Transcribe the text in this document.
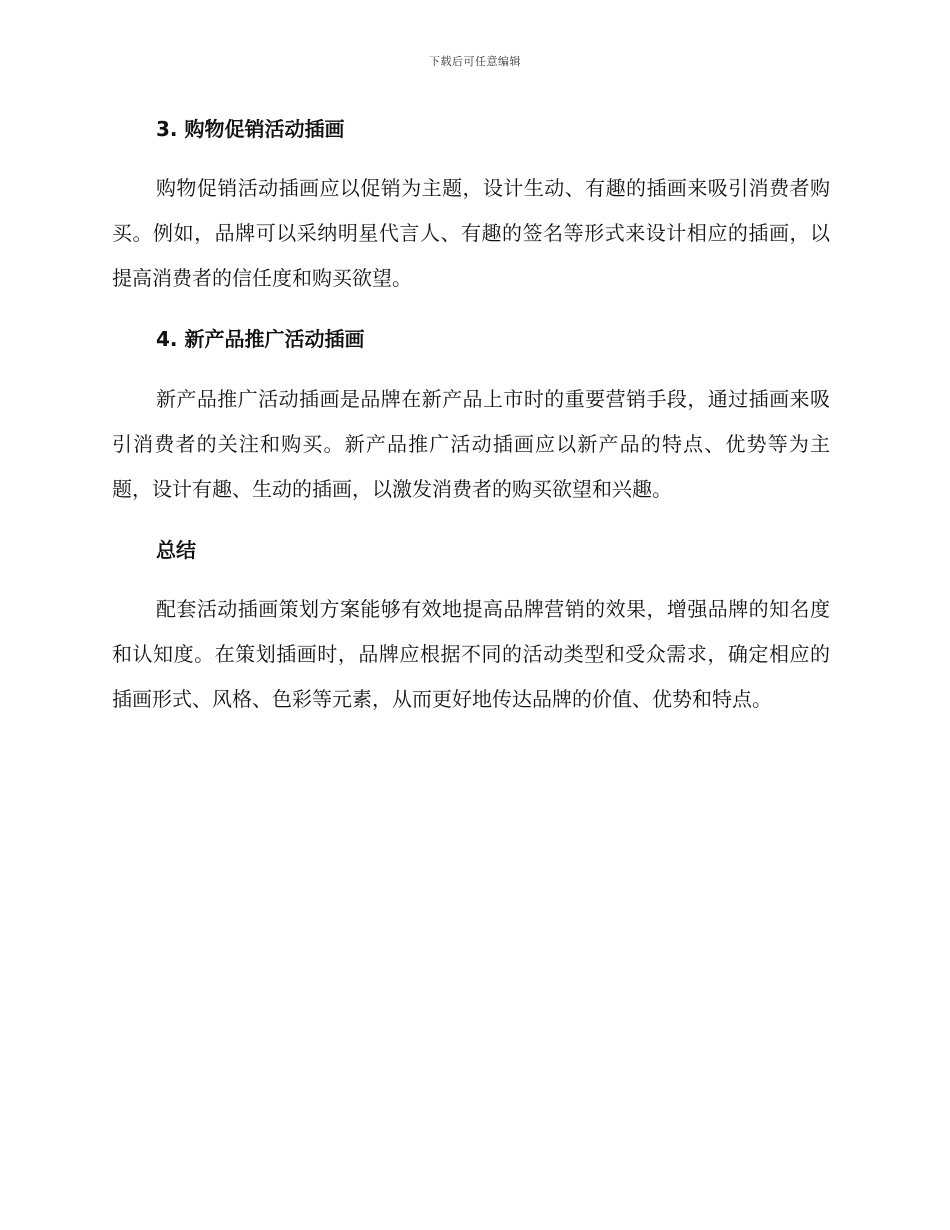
下载后可任意编辑
3. 购物促销活动插画

购物促销活动插画应以促销为主题，设计生动、有趣的插画来吸引消费者购买。例如，品牌可以采纳明星代言人、有趣的签名等形式来设计相应的插画，以提高消费者的信任度和购买欲望。

4. 新产品推广活动插画

新产品推广活动插画是品牌在新产品上市时的重要营销手段，通过插画来吸引消费者的关注和购买。新产品推广活动插画应以新产品的特点、优势等为主题，设计有趣、生动的插画，以激发消费者的购买欲望和兴趣。

总结

配套活动插画策划方案能够有效地提高品牌营销的效果，增强品牌的知名度和认知度。在策划插画时，品牌应根据不同的活动类型和受众需求，确定相应的插画形式、风格、色彩等元素，从而更好地传达品牌的价值、优势和特点。
